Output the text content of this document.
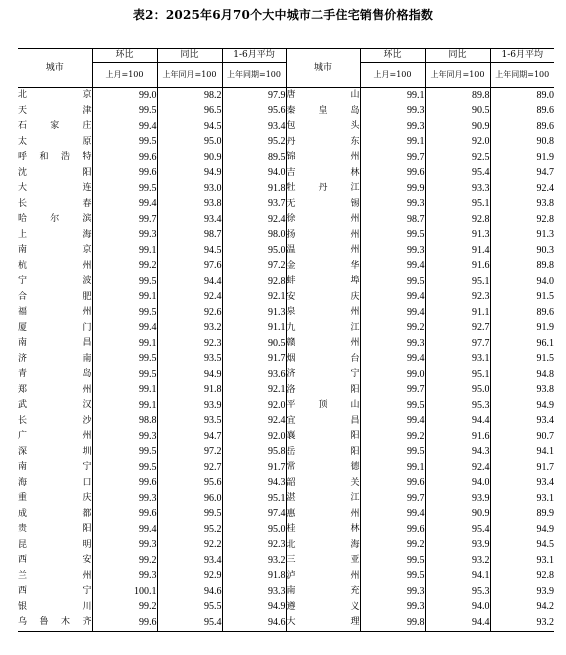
表2：2025年6月70个大中城市二手住宅销售价格指数
城市	环比	同比	1-6月平均	城市	环比	同比	1-6月平均
	上月=100	上年同月=100	上年同期=100		上月=100	上年同月=100	上年同期=100
北京	99.0	98.2	97.9	唐山	99.1	89.8	89.0
天津	99.5	96.5	95.6	秦皇岛	99.3	90.5	89.6
石家庄	99.4	94.5	93.4	包头	99.3	90.9	89.6
太原	99.5	95.0	95.2	丹东	99.1	92.0	90.8
呼和浩特	99.6	90.9	89.5	锦州	99.7	92.5	91.9
沈阳	99.6	94.9	94.0	吉林	99.6	95.4	94.7
大连	99.5	93.0	91.8	牡丹江	99.9	93.3	92.4
长春	99.4	93.8	93.7	无锡	99.3	95.1	93.8
哈尔滨	99.7	93.4	92.4	徐州	98.7	92.8	92.8
上海	99.3	98.7	98.0	扬州	99.5	91.3	91.3
南京	99.1	94.5	95.0	温州	99.3	91.4	90.3
杭州	99.2	97.6	97.2	金华	99.4	91.6	89.8
宁波	99.5	94.4	92.8	蚌埠	99.5	95.1	94.0
合肥	99.1	92.4	92.1	安庆	99.4	92.3	91.5
福州	99.5	92.6	91.3	泉州	99.4	91.1	89.6
厦门	99.4	93.2	91.1	九江	99.2	92.7	91.9
南昌	99.1	92.3	90.5	赣州	99.3	97.7	96.1
济南	99.5	93.5	91.7	烟台	99.4	93.1	91.5
青岛	99.5	94.9	93.6	济宁	99.0	95.1	94.8
郑州	99.1	91.8	92.1	洛阳	99.7	95.0	93.8
武汉	99.1	93.9	92.0	平顶山	99.5	95.3	94.9
长沙	98.8	93.5	92.4	宜昌	99.4	94.4	93.4
广州	99.3	94.7	92.0	襄阳	99.2	91.6	90.7
深圳	99.5	97.2	95.8	岳阳	99.5	94.3	94.1
南宁	99.5	92.7	91.7	常德	99.1	92.4	91.7
海口	99.6	95.6	94.3	韶关	99.6	94.0	93.4
重庆	99.3	96.0	95.1	湛江	99.7	93.9	93.1
成都	99.6	99.5	97.4	惠州	99.4	90.9	89.9
贵阳	99.4	95.2	95.0	桂林	99.6	95.4	94.9
昆明	99.3	92.2	92.3	北海	99.2	93.9	94.5
西安	99.2	93.4	93.2	三亚	99.5	93.2	93.1
兰州	99.3	92.9	91.8	泸州	99.5	94.1	92.8
西宁	100.1	94.6	93.3	南充	99.3	95.3	93.9
银川	99.2	95.5	94.9	遵义	99.3	94.0	94.2
乌鲁木齐	99.6	95.4	94.6	大理	99.8	94.4	93.2
